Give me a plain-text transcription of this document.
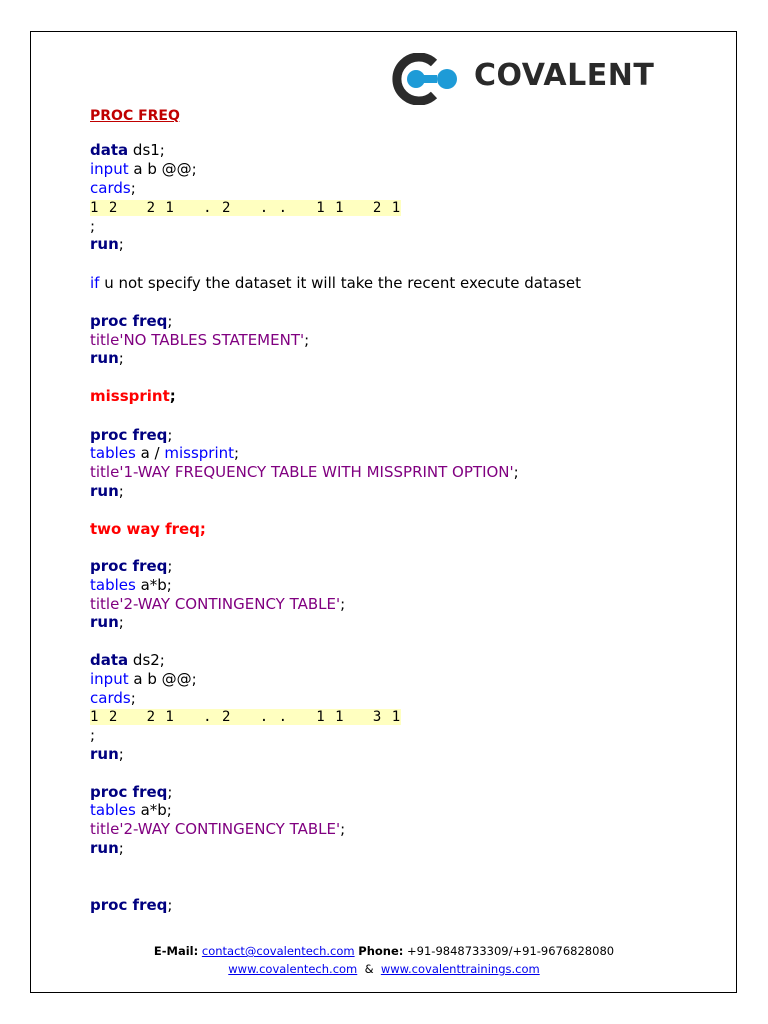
COVALENT
PROC FREQ
data ds1;
input a b @@;
cards;
1 2   2 1   . 2   . .   1 1   2 1
;
run;
if u not specify the dataset it will take the recent execute dataset
proc freq;
title'NO TABLES STATEMENT';
run;
missprint;
proc freq;
tables a / missprint;
title'1-WAY FREQUENCY TABLE WITH MISSPRINT OPTION';
run;
two way freq;
proc freq;
tables a*b;
title'2-WAY CONTINGENCY TABLE';
run;
data ds2;
input a b @@;
cards;
1 2   2 1   . 2   . .   1 1   3 1
;
run;
proc freq;
tables a*b;
title'2-WAY CONTINGENCY TABLE';
run;
proc freq;
E-Mail: contact@covalentech.com Phone: +91-9848733309/+91-9676828080
www.covalentech.com & www.covalenttrainings.com
